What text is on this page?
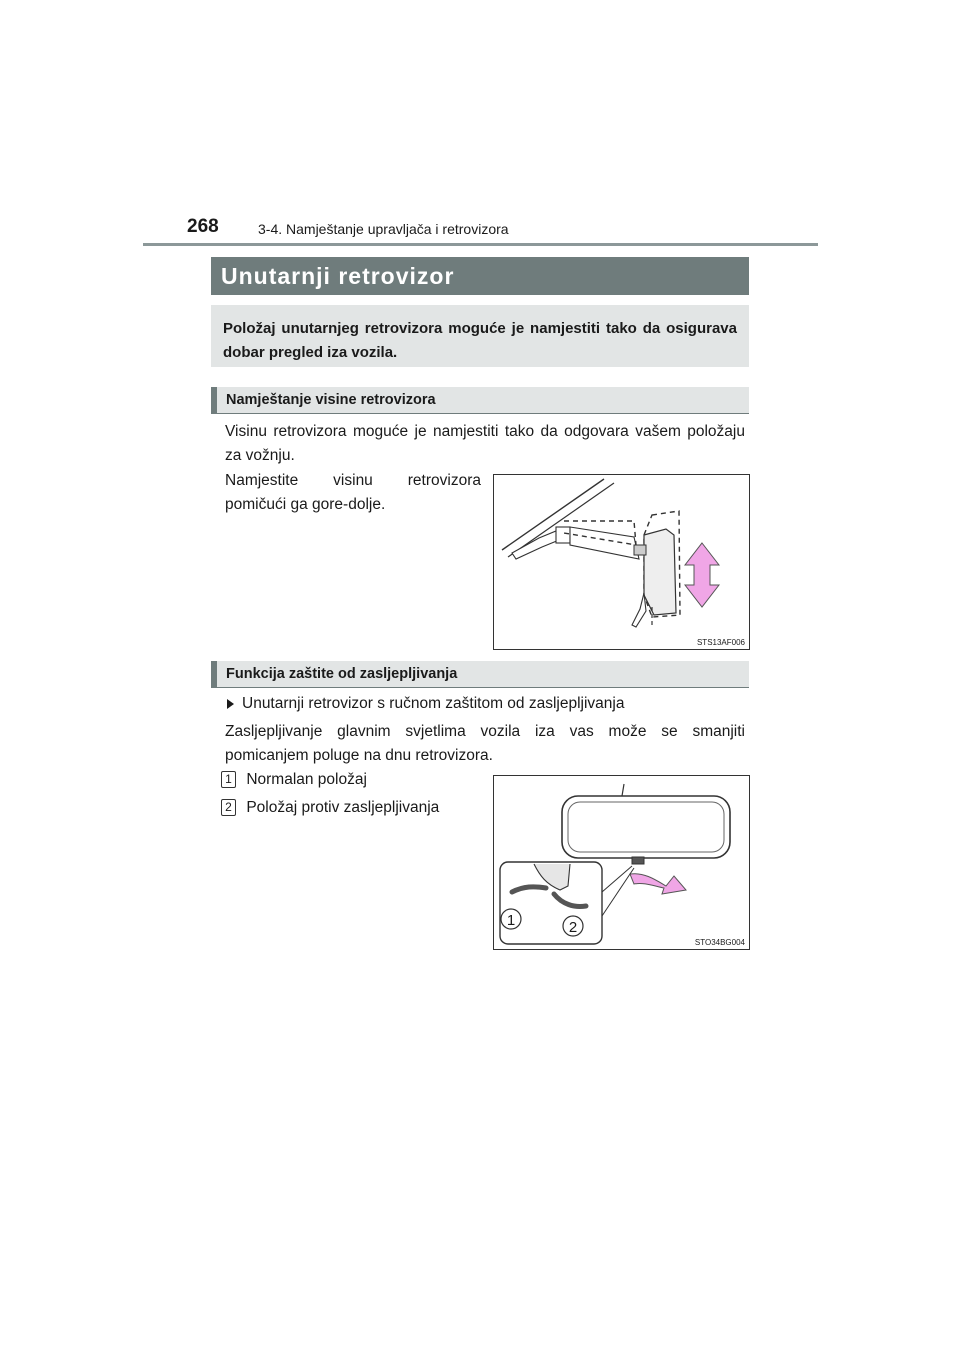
268	3-4. Namještanje upravljača i retrovizora
Unutarnji retrovizor
Položaj unutarnjeg retrovizora moguće je namjestiti tako da osigurava dobar pregled iza vozila.
Namještanje visine retrovizora
Visinu retrovizora moguće je namjestiti tako da odgovara vašem položaju za vožnju.
Namjestite visinu retrovizora pomičući ga gore-dolje.
STS13AF006
Funkcija zaštite od zasljepljivanja
Unutarnji retrovizor s ručnom zaštitom od zasljepljivanja
Zasljepljivanje glavnim svjetlima vozila iza vas može se smanjiti pomicanjem poluge na dnu retrovizora.
1 Normalan položaj
2 Položaj protiv zasljepljivanja
1	2
STO34BG004
